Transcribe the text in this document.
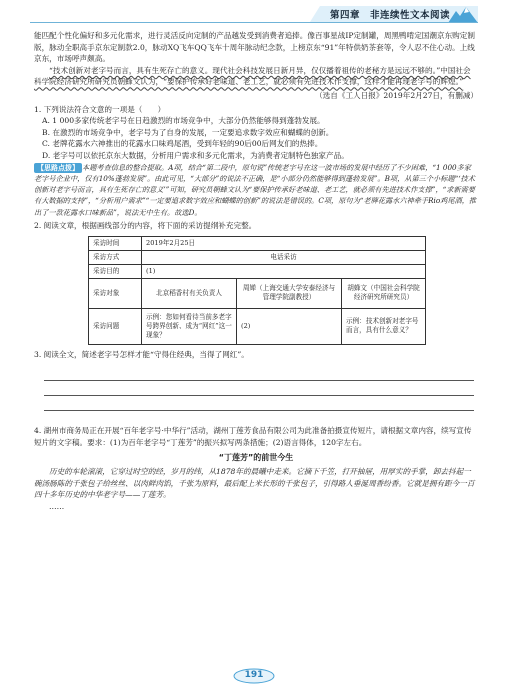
第四章　非连续性文本阅读

能匹配个性化偏好和多元化需求，进行灵活反向定制的产品越发受到消费者追捧。像百事星战IP定制罐，周黑鸭啃定国潮京东购定制版，脉动全职高手京东定制款2.0，脉动XQ飞车QQ飞车十周年脉动纪念款，上榜京东“91”年特供奶茶套等，令人忍不住心动。上线京东，市场呼声颇高。

“技术创新对老字号而言，具有生死存亡的意义。现代社会科技发展日新月异，仅仅播着祖传的老秘方是远远不够的。”中国社会科学院经济研究所研究员朝蜂文认为，“要保护传承好老味道、老工艺，就必须有先进技术作支撑，这样才能再现老字号的辉煌。”

（选自《工人日报》2019年2月27日，有删减）

1. 下列说法符合文意的一项是（　　）

A. 1 000多家传统老字号在日趋激烈的市场竞争中，大部分仍然能够得到蓬勃发展。

B. 在激烈的市场竞争中，老字号为了自身的发展，一定要追求数字效应和蝴蝶的创新。

C. 老牌花露水六神推出的花露水口味鸡尾酒，受到年轻的90后00后网友们的热捧。

D. 老字号可以依托京东大数据，分析用户需求和多元化需求，为消费者定制特色独家产品。

【思路点拨】 本题考查信息的整合提取。A项，结合“第二段中，原句说”传统老字号在这一波市场的发展中经历了不少困难，“1 000多家老字号企业中，仅有10%蓬勃发展”。由此可见，“大部分”的说法不正确，是“小部分仍然能够得到蓬勃发展”。B项，从第三个小标题“‘技术创新对老字号而言，具有生死存亡的意义’”可知，研究员朝蜂文认为“要保护传承好老味道、老工艺，就必须有先进技术作支撑”，“求新需要有大数据的支持”，“分析用户需求”“一定要追求数字效应和蝴蝶的创新”的说法是错误的。C项，原句为“老牌花露水六神牵手Rio鸡尾酒，推出了一款花露水口味新品”，说法无中生有。故选D。

2. 阅读文章，根据画线部分的内容，将下面的采访提纲补充完整。

采访时间	2019年2月25日		
采访方式	电话采访		
采访目的	(1)		
采访对象	北京稻香村有关负责人	周婵（上海交通大学安泰经济与管理学院副教授）	胡蜂文（中国社会科学院经济研究所研究员）
采访问题	示例：您如何看待当前多老字号跨界创新、成为“网红”这一现象？	(2)	示例：技术创新对老字号而言，具有什么意义？

3. 阅读全文，简述老字号怎样才能“守得住经典，当得了网红”。

4. 湖州市商务局正在开展“百年老字号·中华行”活动，湖州丁莲芳食品有限公司为此准备拍摄宣传短片，请根据文章内容，续写宣传短片的文字稿。要求：(1)为百年老字号“丁莲芳”的振兴拟写两条措施；(2)语言得体，120字左右。

“丁莲芳”的前世今生

历史的车轮滚滚，它穿过时空的经，岁月的纬，从1878年的晨曦中走来。它摘下千笠，打开抽屉，用厚实的手掌，卸去抖起一碗汤肠陈的千张包子给丝丝、以肉鲜肉馅，千张为原料，最后配上米长形的千张包子，引得路人垂涎周香纷香。它就是拥有距今一百四十多年历史的中华老字号——丁莲芳。

……

191
